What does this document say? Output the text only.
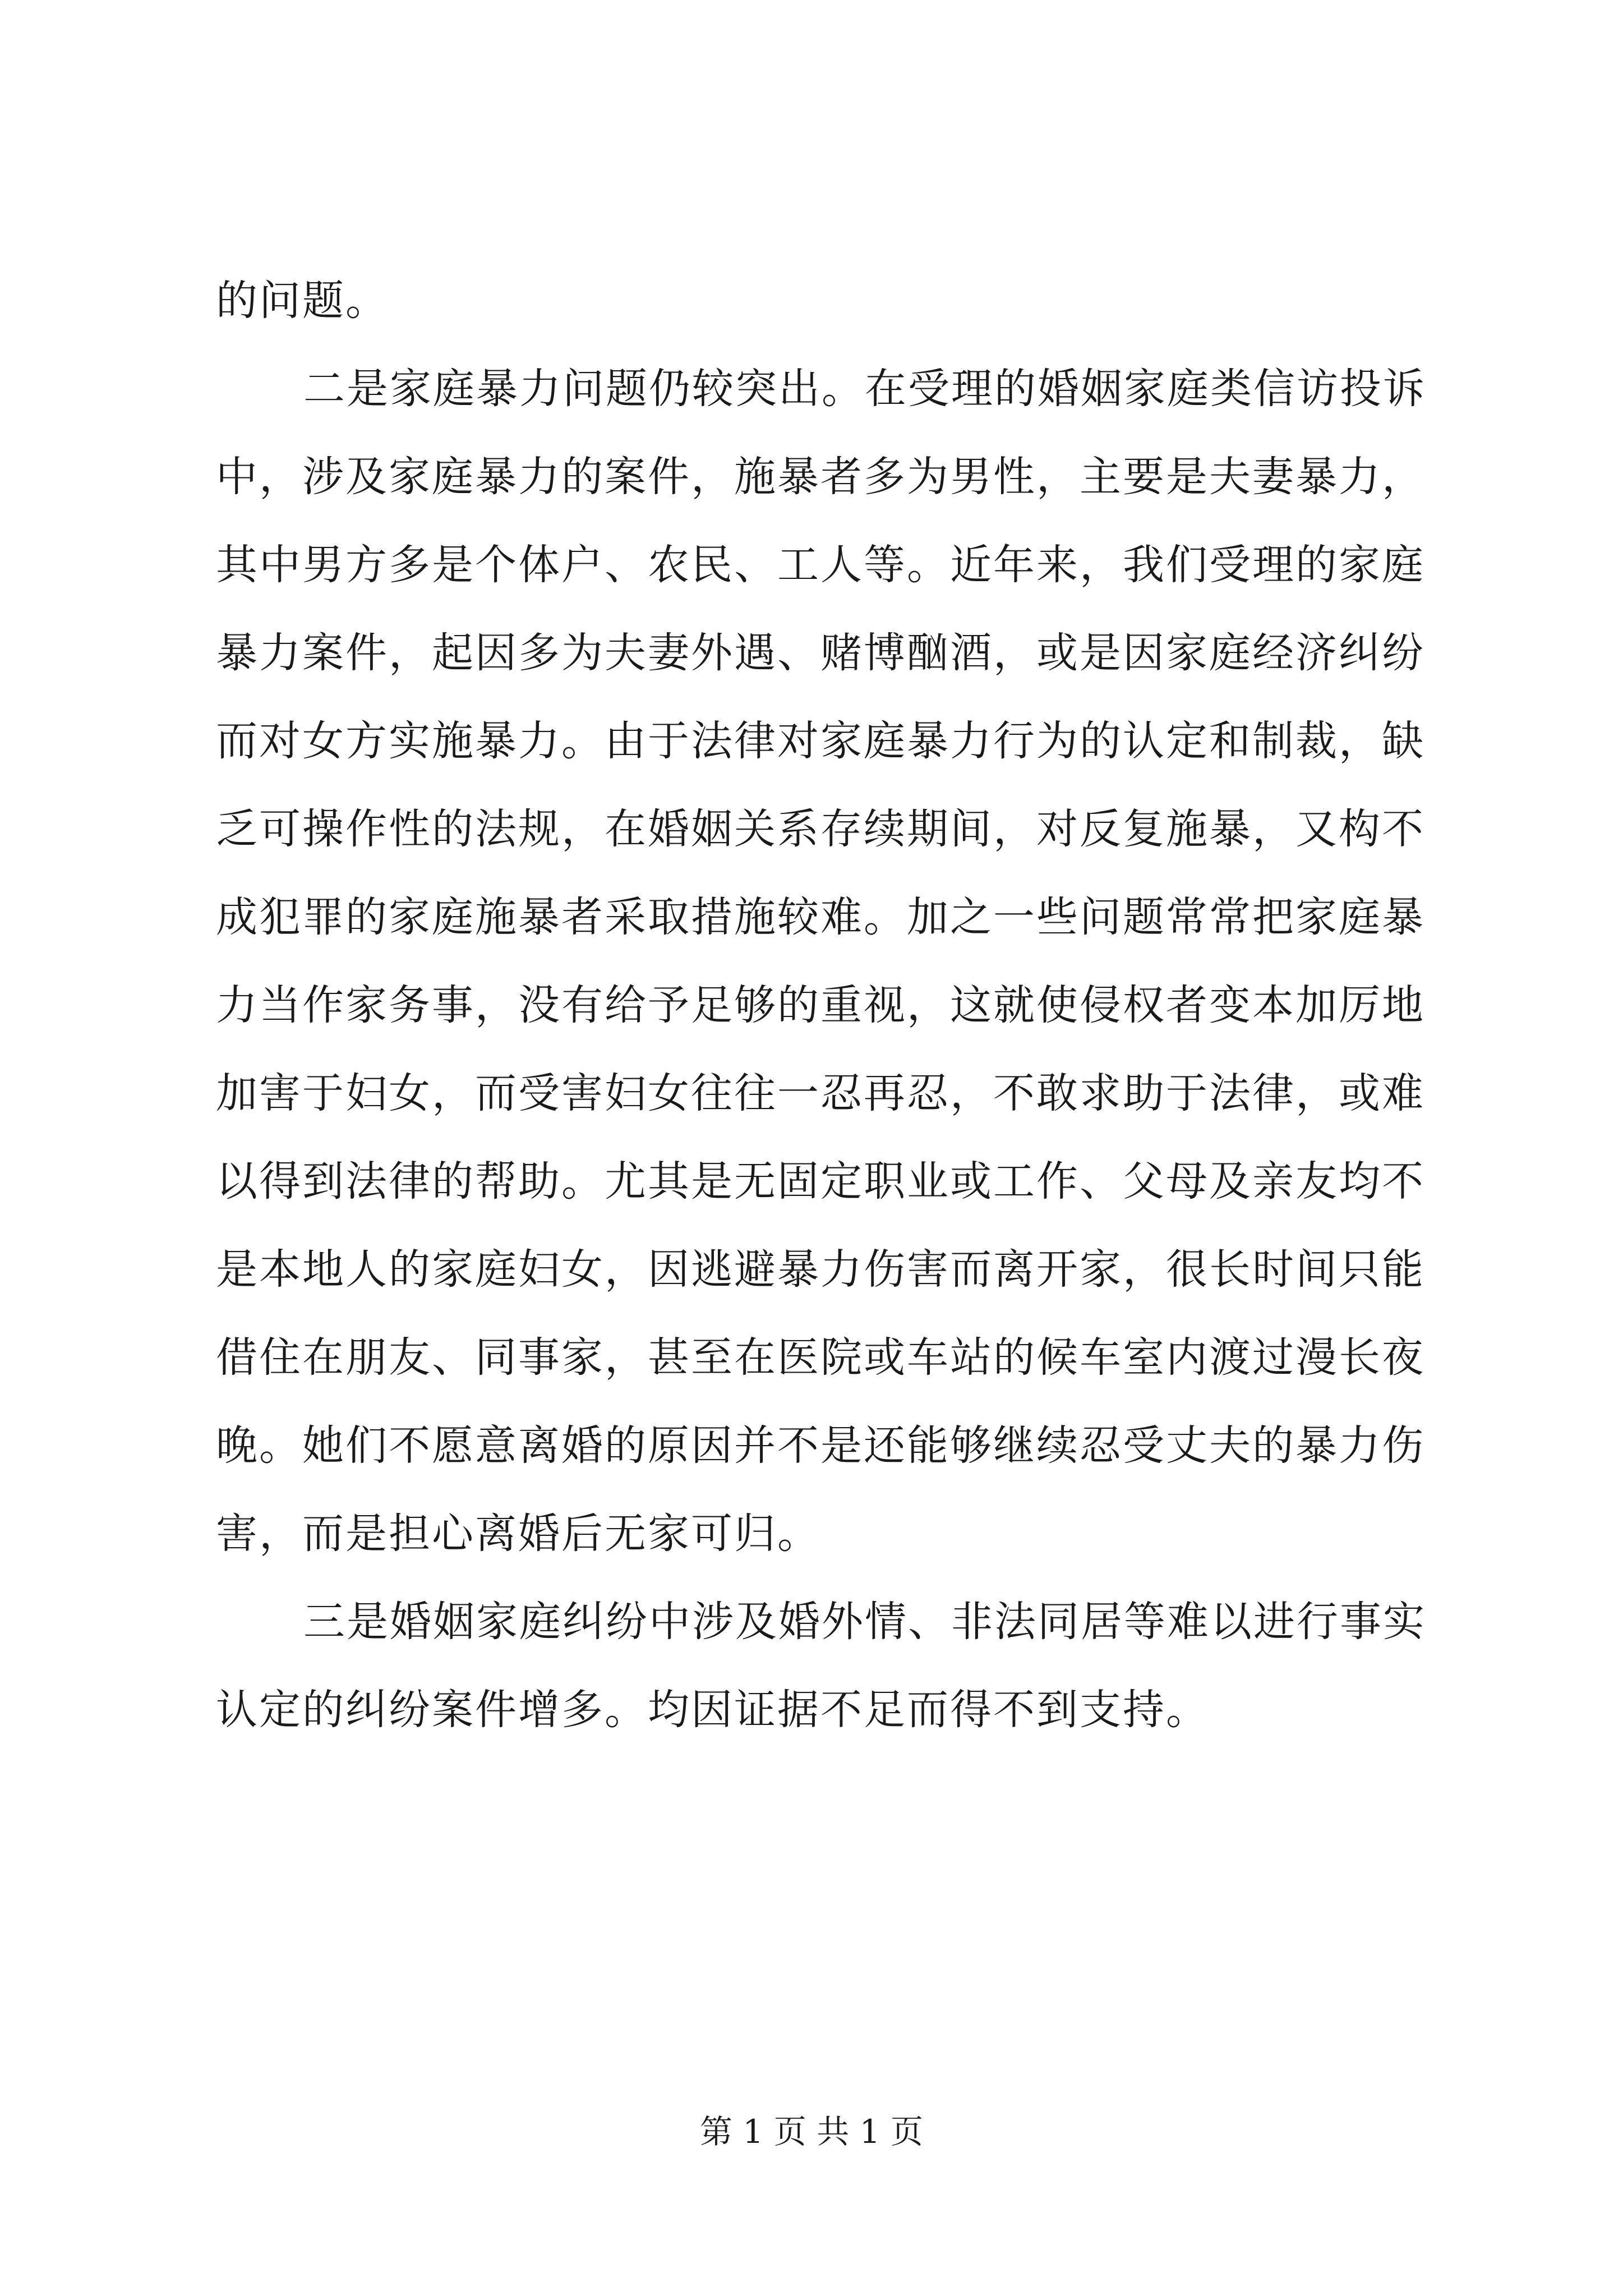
的问题。
二是家庭暴力问题仍较突出。在受理的婚姻家庭类信访投诉
中，涉及家庭暴力的案件，施暴者多为男性，主要是夫妻暴力，
其中男方多是个体户、农民、工人等。近年来，我们受理的家庭
暴力案件，起因多为夫妻外遇、赌博酗酒，或是因家庭经济纠纷
而对女方实施暴力。由于法律对家庭暴力行为的认定和制裁，缺
乏可操作性的法规，在婚姻关系存续期间，对反复施暴，又构不
成犯罪的家庭施暴者采取措施较难。加之一些问题常常把家庭暴
力当作家务事，没有给予足够的重视，这就使侵权者变本加厉地
加害于妇女，而受害妇女往往一忍再忍，不敢求助于法律，或难
以得到法律的帮助。尤其是无固定职业或工作、父母及亲友均不
是本地人的家庭妇女，因逃避暴力伤害而离开家，很长时间只能
借住在朋友、同事家，甚至在医院或车站的候车室内渡过漫长夜
晚。她们不愿意离婚的原因并不是还能够继续忍受丈夫的暴力伤
害，而是担心离婚后无家可归。
三是婚姻家庭纠纷中涉及婚外情、非法同居等难以进行事实
认定的纠纷案件增多。均因证据不足而得不到支持。
第 1 页 共 1 页
